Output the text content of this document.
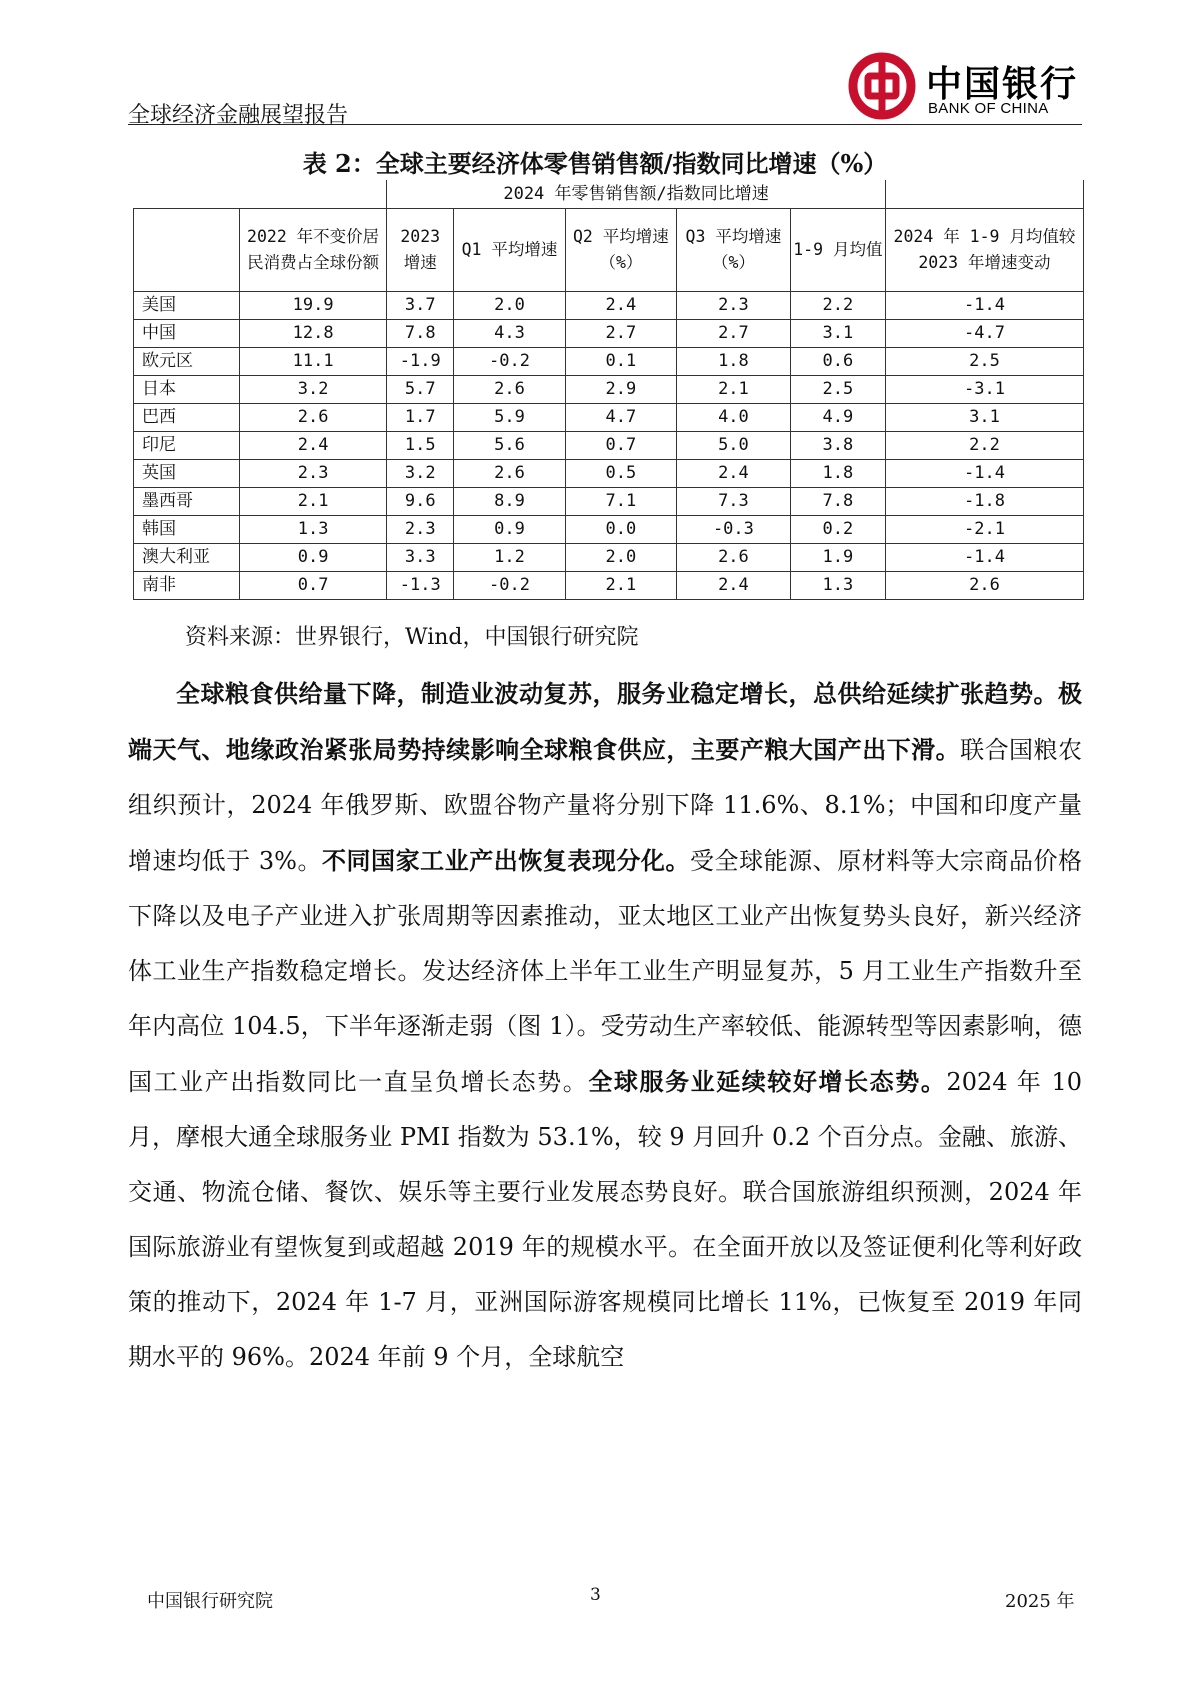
全球经济金融展望报告
中国银行
BANK OF CHINA
表 2：全球主要经济体零售销售额/指数同比增速（%）
		2024 年零售销售额/指数同比增速					
	2022 年不变价居民消费占全球份额	2023 增速	Q1 平均增速	Q2 平均增速（%）	Q3 平均增速（%）	1-9 月均值	2024 年 1-9 月均值较 2023 年增速变动
美国	19.9	3.7	2.0	2.4	2.3	2.2	-1.4
中国	12.8	7.8	4.3	2.7	2.7	3.1	-4.7
欧元区	11.1	-1.9	-0.2	0.1	1.8	0.6	2.5
日本	3.2	5.7	2.6	2.9	2.1	2.5	-3.1
巴西	2.6	1.7	5.9	4.7	4.0	4.9	3.1
印尼	2.4	1.5	5.6	0.7	5.0	3.8	2.2
英国	2.3	3.2	2.6	0.5	2.4	1.8	-1.4
墨西哥	2.1	9.6	8.9	7.1	7.3	7.8	-1.8
韩国	1.3	2.3	0.9	0.0	-0.3	0.2	-2.1
澳大利亚	0.9	3.3	1.2	2.0	2.6	1.9	-1.4
南非	0.7	-1.3	-0.2	2.1	2.4	1.3	2.6
资料来源：世界银行，Wind，中国银行研究院
全球粮食供给量下降，制造业波动复苏，服务业稳定增长，总供给延续扩张趋势。极端天气、地缘政治紧张局势持续影响全球粮食供应，主要产粮大国产出下滑。联合国粮农组织预计，2024 年俄罗斯、欧盟谷物产量将分别下降 11.6%、8.1%；中国和印度产量增速均低于 3%。不同国家工业产出恢复表现分化。受全球能源、原材料等大宗商品价格下降以及电子产业进入扩张周期等因素推动，亚太地区工业产出恢复势头良好，新兴经济体工业生产指数稳定增长。发达经济体上半年工业生产明显复苏，5 月工业生产指数升至年内高位 104.5，下半年逐渐走弱（图 1）。受劳动生产率较低、能源转型等因素影响，德国工业产出指数同比一直呈负增长态势。全球服务业延续较好增长态势。2024 年 10 月，摩根大通全球服务业 PMI 指数为 53.1%，较 9 月回升 0.2 个百分点。金融、旅游、交通、物流仓储、餐饮、娱乐等主要行业发展态势良好。联合国旅游组织预测，2024 年国际旅游业有望恢复到或超越 2019 年的规模水平。在全面开放以及签证便利化等利好政策的推动下，2024 年 1-7 月，亚洲国际游客规模同比增长 11%，已恢复至 2019 年同期水平的 96%。2024 年前 9 个月，全球航空
中国银行研究院	3	2025 年
